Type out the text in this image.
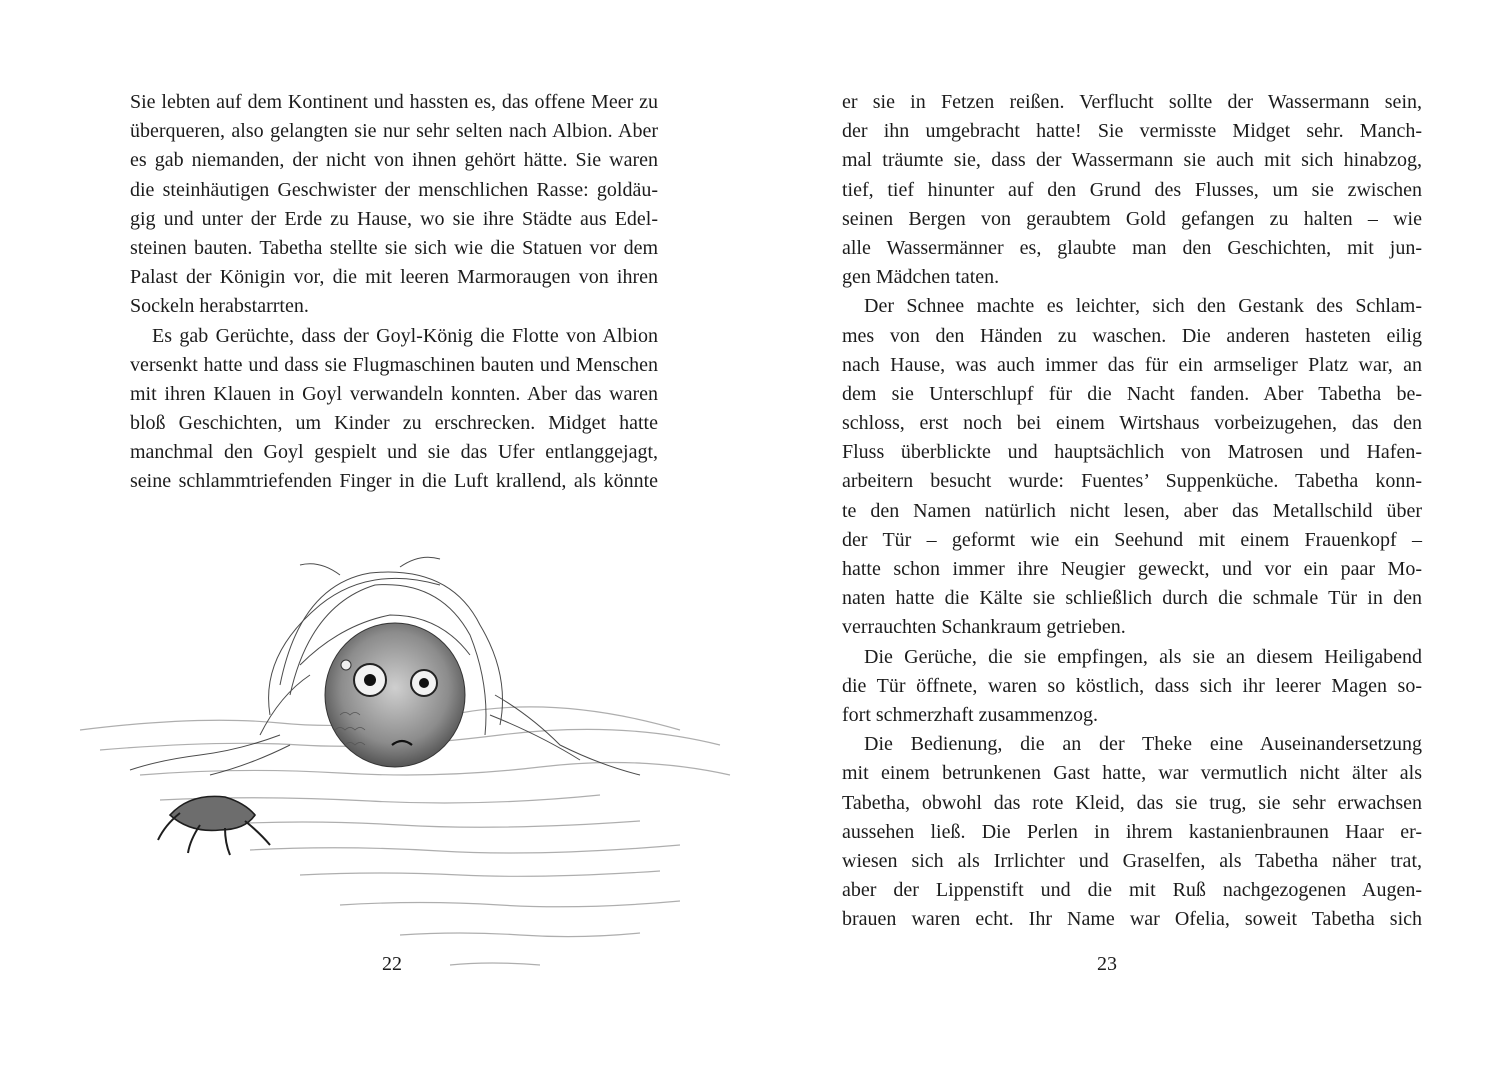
Sie lebten auf dem Kontinent und hassten es, das offene Meer zu
überqueren, also gelangten sie nur sehr selten nach Albion. Aber
es gab niemanden, der nicht von ihnen gehört hätte. Sie waren
die steinhäutigen Geschwister der menschlichen Rasse: goldäu-
gig und unter der Erde zu Hause, wo sie ihre Städte aus Edel-
steinen bauten. Tabetha stellte sie sich wie die Statuen vor dem
Palast der Königin vor, die mit leeren Marmoraugen von ihren
Sockeln herabstarrten.
Es gab Gerüchte, dass der Goyl-König die Flotte von Albion
versenkt hatte und dass sie Flugmaschinen bauten und Menschen
mit ihren Klauen in Goyl verwandeln konnten. Aber das waren
bloß Geschichten, um Kinder zu erschrecken. Midget hatte
manchmal den Goyl gespielt und sie das Ufer entlanggejagt,
seine schlammtriefenden Finger in die Luft krallend, als könnte
22
er sie in Fetzen reißen. Verflucht sollte der Wassermann sein,
der ihn umgebracht hatte! Sie vermisste Midget sehr. Manch-
mal träumte sie, dass der Wassermann sie auch mit sich hinabzog,
tief, tief hinunter auf den Grund des Flusses, um sie zwischen
seinen Bergen von geraubtem Gold gefangen zu halten – wie
alle Wassermänner es, glaubte man den Geschichten, mit jun-
gen Mädchen taten.
Der Schnee machte es leichter, sich den Gestank des Schlam-
mes von den Händen zu waschen. Die anderen hasteten eilig
nach Hause, was auch immer das für ein armseliger Platz war, an
dem sie Unterschlupf für die Nacht fanden. Aber Tabetha be-
schloss, erst noch bei einem Wirtshaus vorbeizugehen, das den
Fluss überblickte und hauptsächlich von Matrosen und Hafen-
arbeitern besucht wurde: Fuentes’ Suppenküche. Tabetha konn-
te den Namen natürlich nicht lesen, aber das Metallschild über
der Tür – geformt wie ein Seehund mit einem Frauenkopf –
hatte schon immer ihre Neugier geweckt, und vor ein paar Mo-
naten hatte die Kälte sie schließlich durch die schmale Tür in den
verrauchten Schankraum getrieben.
Die Gerüche, die sie empfingen, als sie an diesem Heiligabend
die Tür öffnete, waren so köstlich, dass sich ihr leerer Magen so-
fort schmerzhaft zusammenzog.
Die Bedienung, die an der Theke eine Auseinandersetzung
mit einem betrunkenen Gast hatte, war vermutlich nicht älter als
Tabetha, obwohl das rote Kleid, das sie trug, sie sehr erwachsen
aussehen ließ. Die Perlen in ihrem kastanienbraunen Haar er-
wiesen sich als Irrlichter und Graselfen, als Tabetha näher trat,
aber der Lippenstift und die mit Ruß nachgezogenen Augen-
brauen waren echt. Ihr Name war Ofelia, soweit Tabetha sich
23
